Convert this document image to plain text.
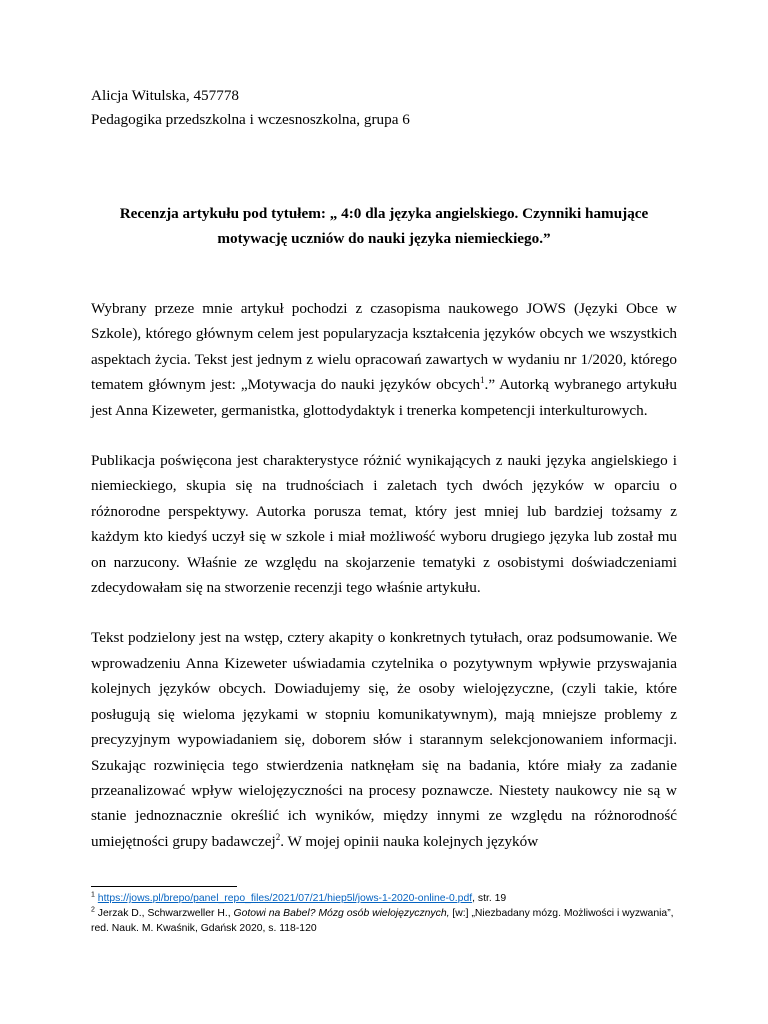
Alicja Witulska, 457778
Pedagogika przedszkolna i wczesnoszkolna, grupa 6
Recenzja artykułu pod tytułem: „ 4:0 dla języka angielskiego. Czynniki hamujące
motywację uczniów do nauki języka niemieckiego.”

Wybrany przeze mnie artykuł pochodzi z czasopisma naukowego JOWS (Języki Obce w Szkole), którego głównym celem jest popularyzacja kształcenia języków obcych we wszystkich aspektach życia. Tekst jest jednym z wielu opracowań zawartych w wydaniu nr 1/2020, którego tematem głównym jest: „Motywacja do nauki języków obcych$^1$.” Autorką wybranego artykułu jest Anna Kizeweter, germanistka, glottodydaktyk i trenerka kompetencji interkulturowych.

Publikacja poświęcona jest charakterystyce różnić wynikających z nauki języka angielskiego i niemieckiego, skupia się na trudnościach i zaletach tych dwóch języków w oparciu o różnorodne perspektywy. Autorka porusza temat, który jest mniej lub bardziej tożsamy z każdym kto kiedyś uczył się w szkole i miał możliwość wyboru drugiego języka lub został mu on narzucony. Właśnie ze względu na skojarzenie tematyki z osobistymi doświadczeniami zdecydowałam się na stworzenie recenzji tego właśnie artykułu.

Tekst podzielony jest na wstęp, cztery akapity o konkretnych tytułach, oraz podsumowanie. We wprowadzeniu Anna Kizeweter uświadamia czytelnika o pozytywnym wpływie przyswajania kolejnych języków obcych. Dowiadujemy się, że osoby wielojęzyczne, (czyli takie, które posługują się wieloma językami w stopniu komunikatywnym), mają mniejsze problemy z precyzyjnym wypowiadaniem się, doborem słów i starannym selekcjonowaniem informacji. Szukając rozwinięcia tego stwierdzenia natknęłam się na badania, które miały za zadanie przeanalizować wpływ wielojęzyczności na procesy poznawcze. Niestety naukowcy nie są w stanie jednoznacznie określić ich wyników, między innymi ze względu na różnorodność umiejętności grupy badawczej$^2$. W mojej opinii nauka kolejnych języków

$^1$ https://jows.pl/brepo/panel_repo_files/2021/07/21/hiep5l/jows-1-2020-online-0.pdf, str. 19
$^2$ Jerzak D., Schwarzweller H., Gotowi na Babel? Mózg osób wielojęzycznych, [w:] „Niezbadany mózg. Możliwości i wyzwania”, red. Nauk. M. Kwaśnik, Gdańsk 2020, s. 118-120
